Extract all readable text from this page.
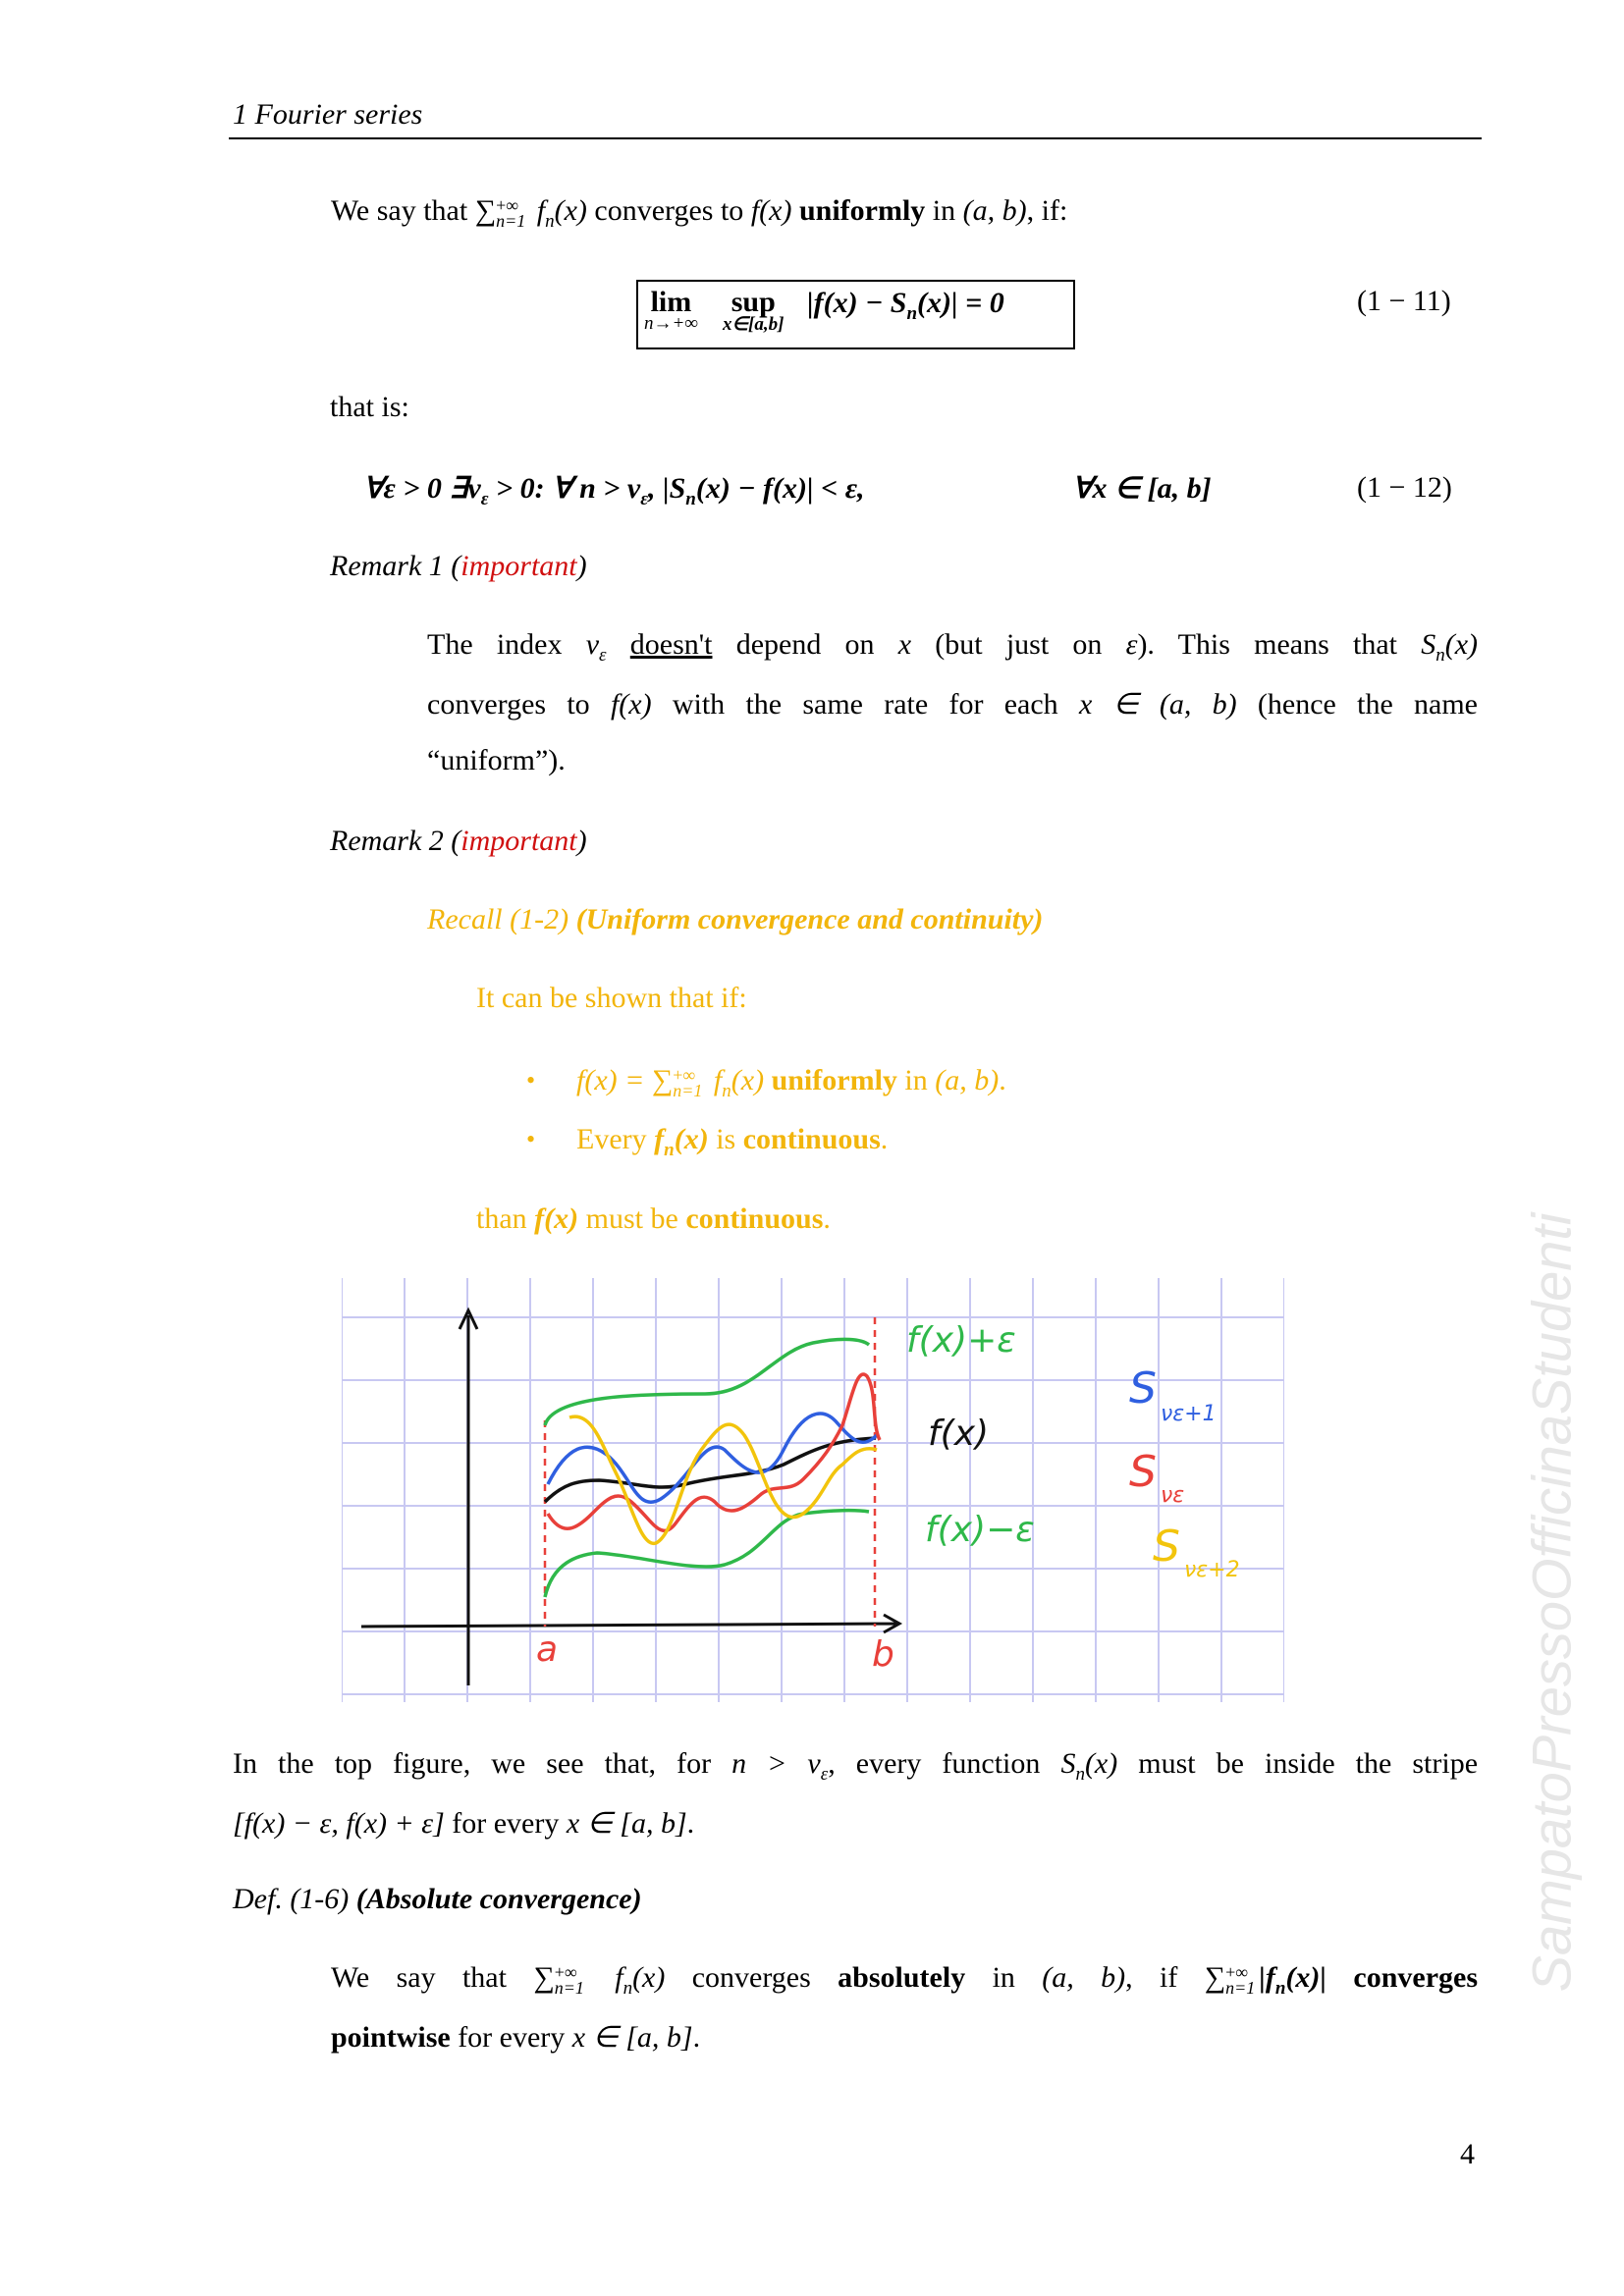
1 Fourier series
We say that ∑ +∞
n=1 $f_n(x)$ converges to f(x) uniformly in (a, b), if:
lim
n→+∞
sup
x∈[a,b]
$|f(x) - S_n(x)| = 0$	(1 − 11)
that is:
∀ε > 0 $\exists\nu_\varepsilon > 0$: ∀ $n > \nu_\varepsilon$, $|S_n(x) - f(x)| < \varepsilon$,	∀x ∈ [a, b]	(1 − 12)
Remark 1 (important)
The index $\nu_\varepsilon$ doesn't depend on x (but just on ε). This means that $S_n(x)$
converges to f(x) with the same rate for each x ∈ (a, b) (hence the name
“uniform”).
Remark 2 (important)
Recall (1-2) (Uniform convergence and continuity)
It can be shown that if:
• f(x) = ∑ +∞
n=1 $f_n(x)$ uniformly in (a, b).
• Every $f_n(x)$ is continuous.
than f(x) must be continuous.
f(x)+ε
f(x)
f(x)−ε
S
νε+1
S νε
S νε+2
a	b
In the top figure, we see that, for $n > \nu_\varepsilon$, every function $S_n(x)$ must be inside the stripe
[f(x) − ε, f(x) + ε] for every x ∈ [a, b].
Def. (1-6) (Absolute convergence)
We say that ∑ +∞
n=1 $f_n(x)$ converges absolutely in (a, b), if ∑ +∞
n=1 $|f_n(x)|$ converges
pointwise for every x ∈ [a, b].
4
SampatoPressoOfficinaStudenti
